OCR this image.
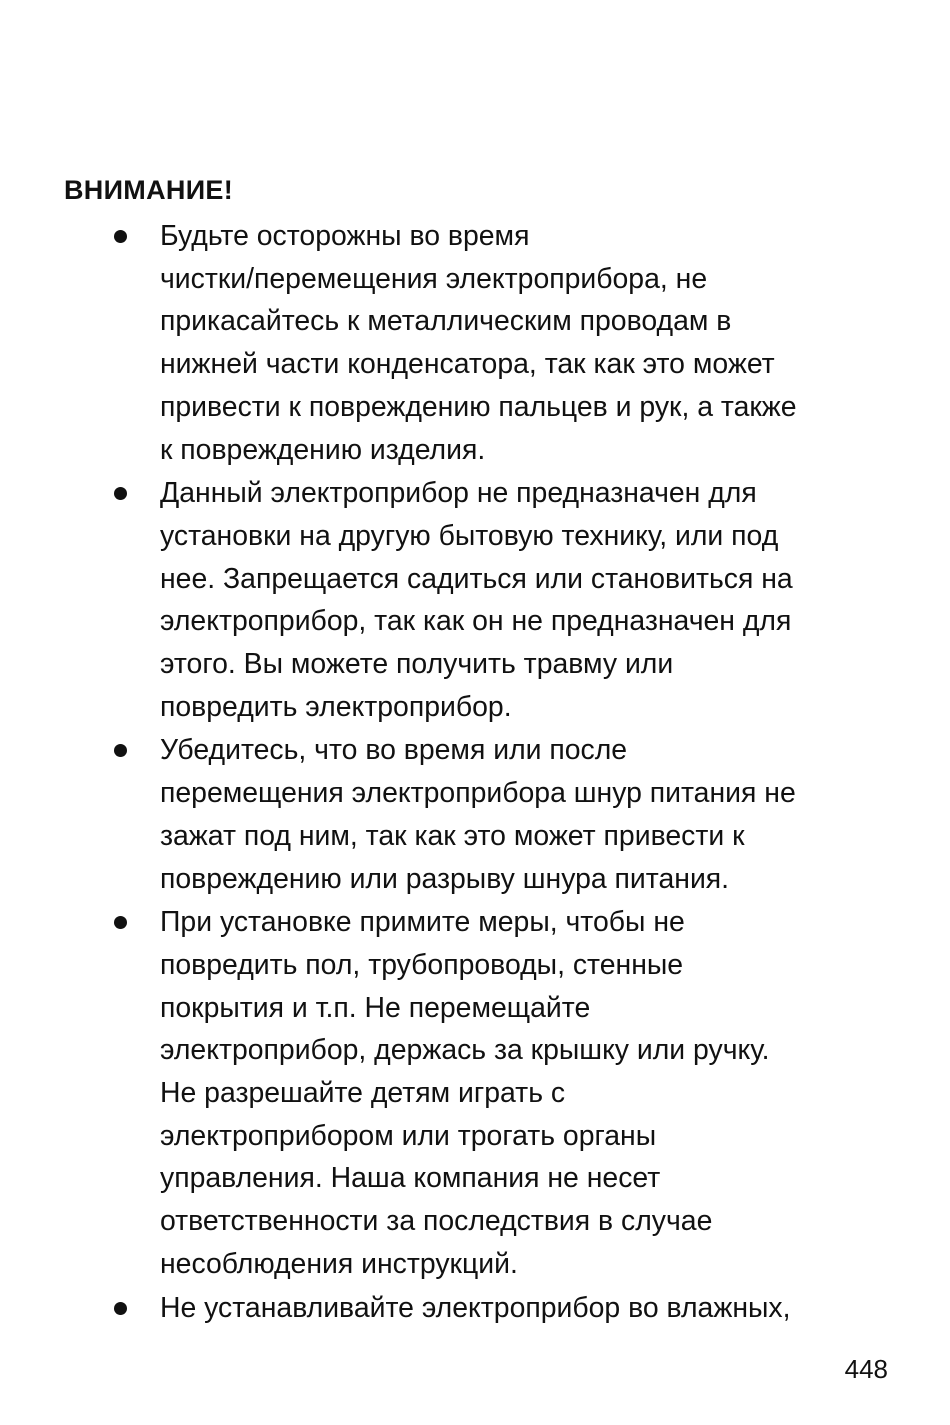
ВНИМАНИЕ!
Будьте осторожны во время
чистки/перемещения электроприбора, не
прикасайтесь к металлическим проводам в
нижней части конденсатора, так как это может
привести к повреждению пальцев и рук, а также
к повреждению изделия.
Данный электроприбор не предназначен для
установки на другую бытовую технику, или под
нее. Запрещается садиться или становиться на
электроприбор, так как он не предназначен для
этого. Вы можете получить травму или
повредить электроприбор.
Убедитесь, что во время или после
перемещения электроприбора шнур питания не
зажат под ним, так как это может привести к
повреждению или разрыву шнура питания.
При установке примите меры, чтобы не
повредить пол, трубопроводы, стенные
покрытия и т.п. Не перемещайте
электроприбор, держась за крышку или ручку.
Не разрешайте детям играть с
электроприбором или трогать органы
управления. Наша компания не несет
ответственности за последствия в случае
несоблюдения инструкций.
Не устанавливайте электроприбор во влажных,
448
